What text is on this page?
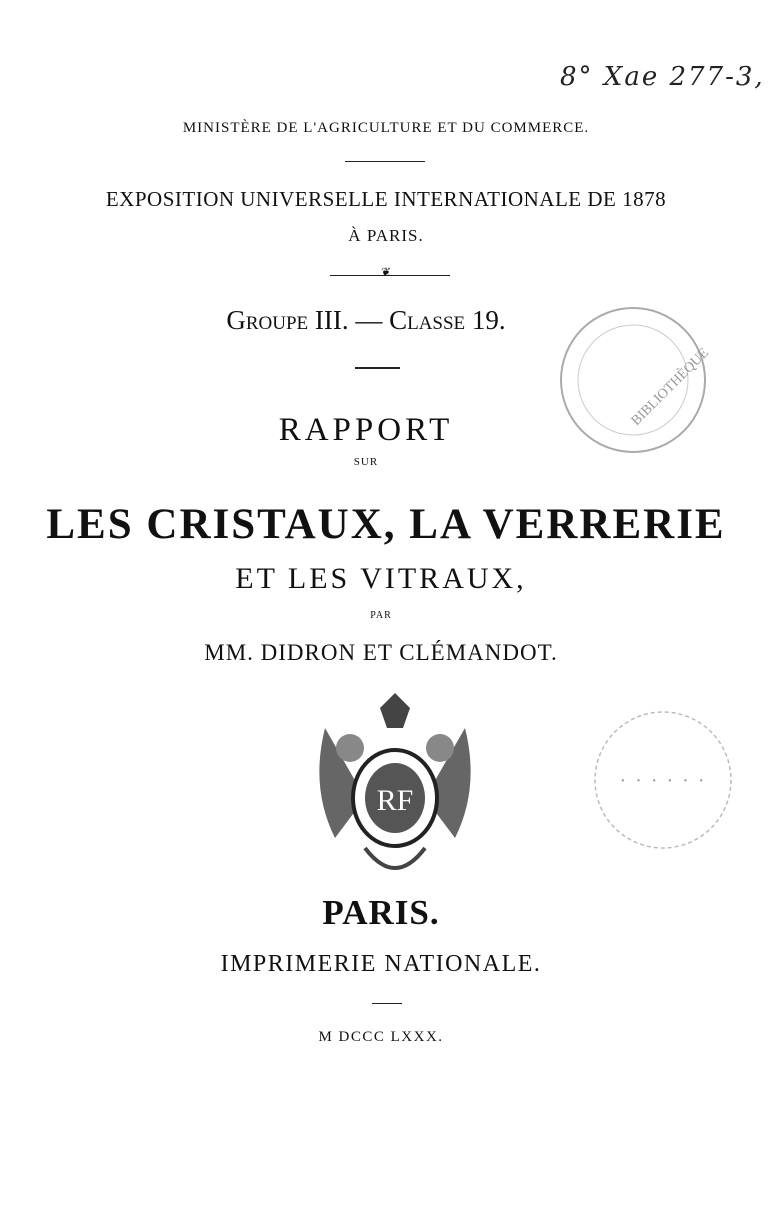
8° Xae 277-3,
MINISTÈRE DE L'AGRICULTURE ET DU COMMERCE.
EXPOSITION UNIVERSELLE INTERNATIONALE DE 1878
À PARIS.
❦
Groupe III. — Classe 19.
RAPPORT
SUR
LES CRISTAUX, LA VERRERIE
ET LES VITRAUX,
PAR
MM. DIDRON ET CLÉMANDOT.
BIBLIOTHÈQUE
RF
· · · · · ·
PARIS.
IMPRIMERIE NATIONALE.
M DCCC LXXX.
